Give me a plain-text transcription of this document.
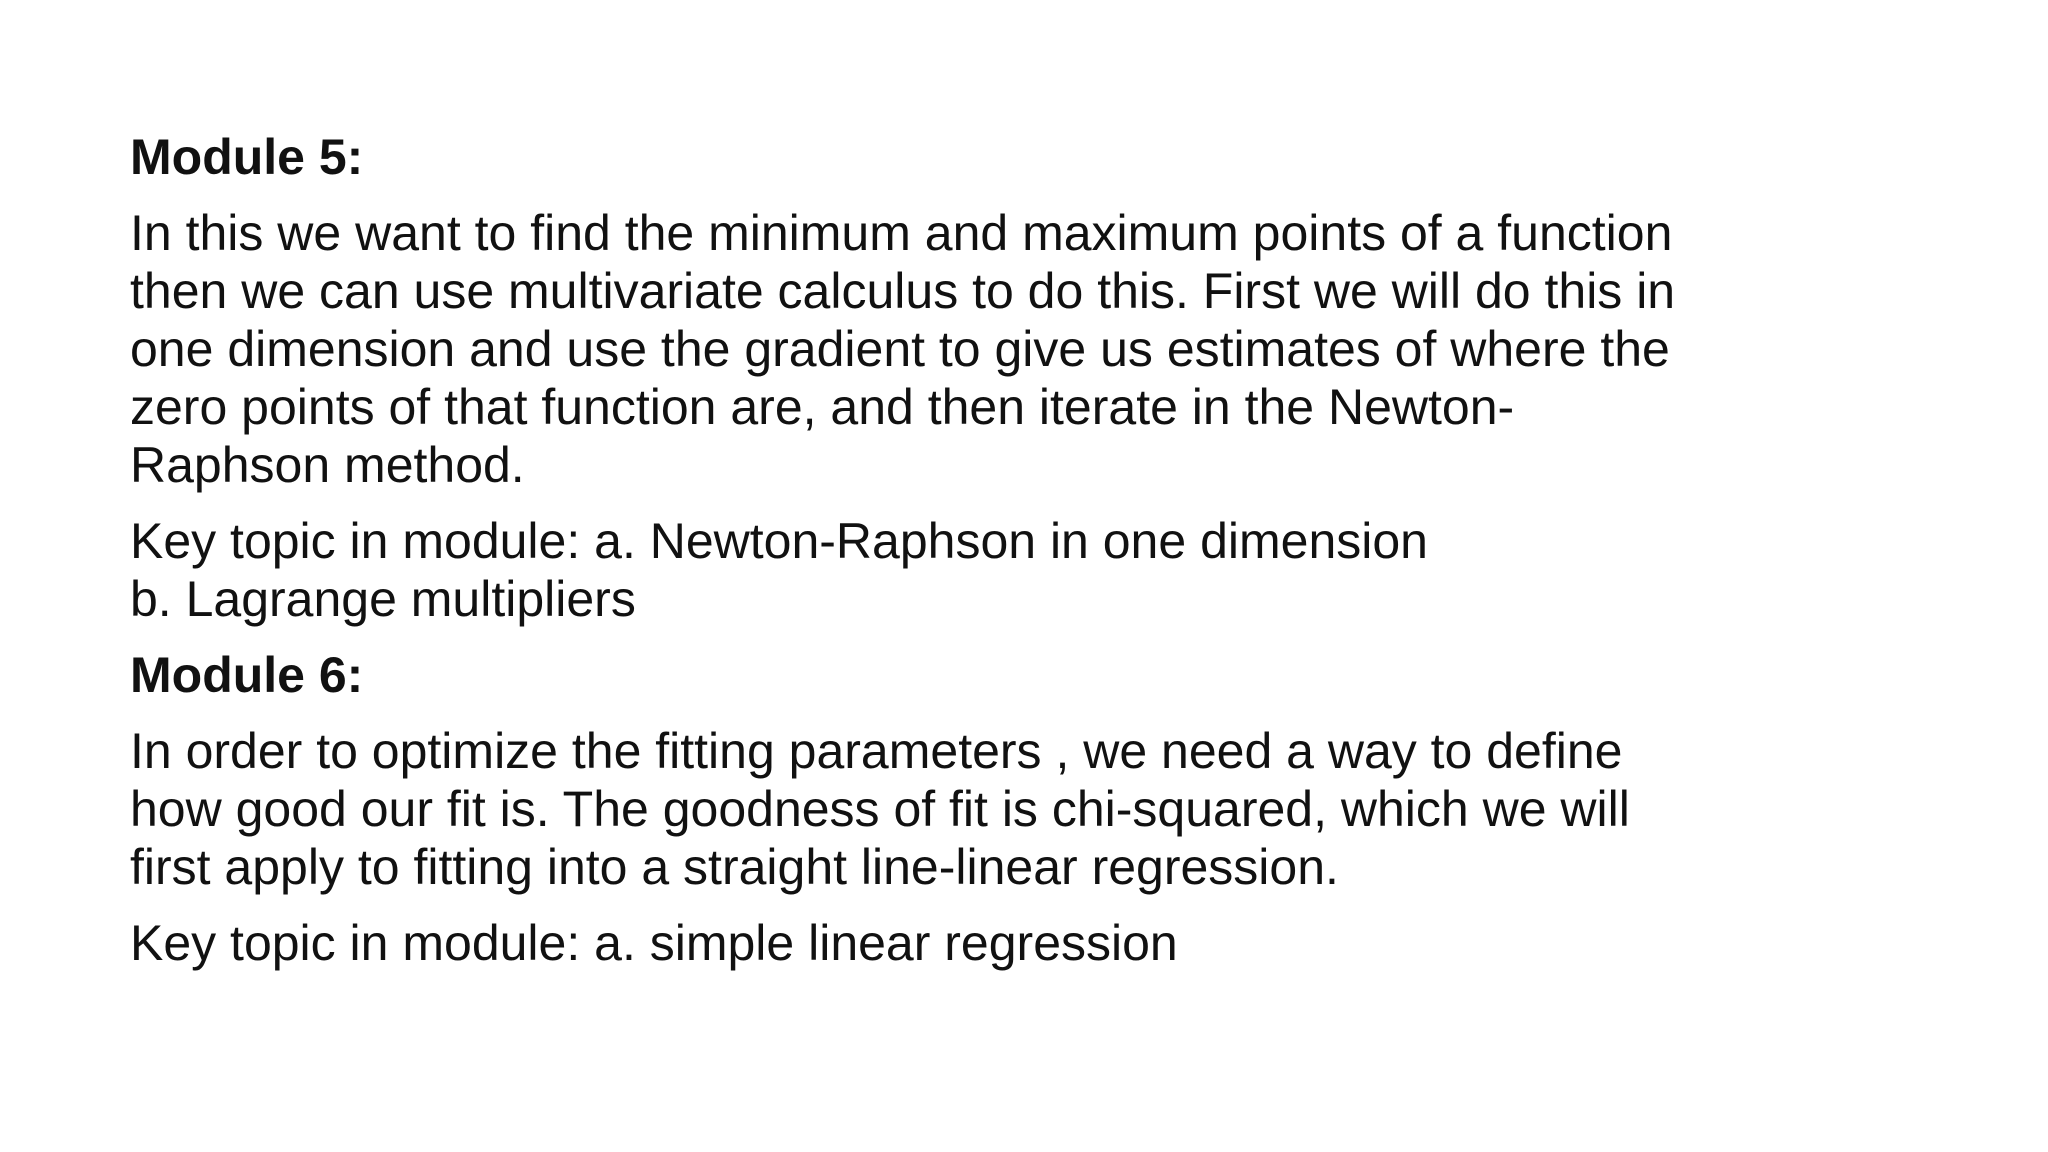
Module 5:

In this we want to find the minimum and maximum points of a function
then we can use multivariate calculus to do this. First we will do this in
one dimension and use the gradient to give us estimates of where the
zero points of that function are, and then iterate in the Newton-
Raphson method.

Key topic in module: a. Newton-Raphson in one dimension
b. Lagrange multipliers

Module 6:

In order to optimize the fitting parameters , we need a way to define
how good our fit is. The goodness of fit is chi-squared, which we will
first apply to fitting into a straight line-linear regression.

Key topic in module: a. simple linear regression
